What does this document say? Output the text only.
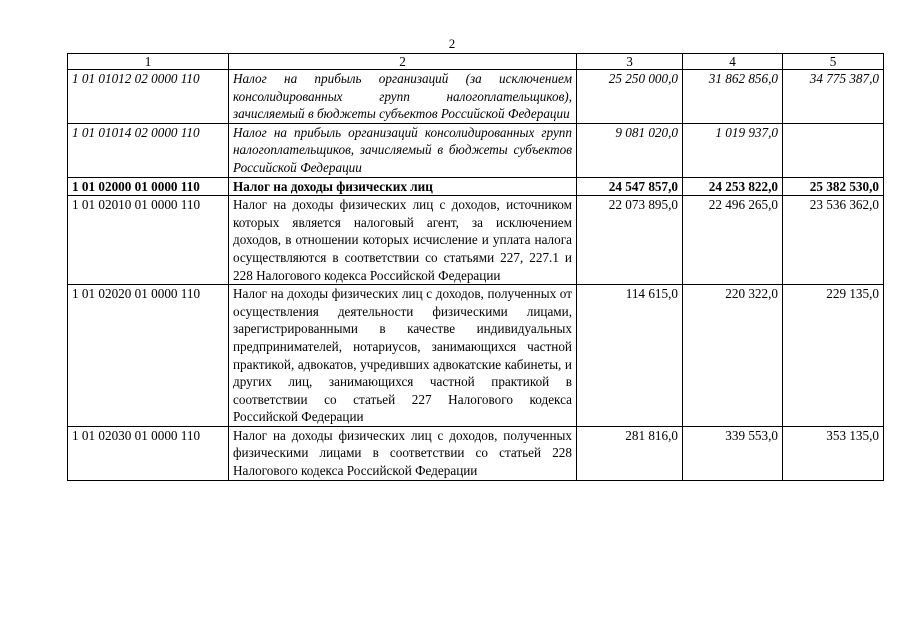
2
1	2	3	4	5
1 01 01012 02 0000 110	Налог на прибыль организаций (за исключением консолидированных групп налогоплательщиков), зачисляемый в бюджеты субъектов Российской Федерации	25 250 000,0	31 862 856,0	34 775 387,0
1 01 01014 02 0000 110	Налог на прибыль организаций консолидированных групп налогоплательщиков, зачисляемый в бюджеты субъектов Российской Федерации	9 081 020,0	1 019 937,0	
1 01 02000 01 0000 110	Налог на доходы физических лиц	24 547 857,0	24 253 822,0	25 382 530,0
1 01 02010 01 0000 110	Налог на доходы физических лиц с доходов, источником которых является налоговый агент, за исключением доходов, в отношении которых исчисление и уплата налога осуществляются в соответствии со статьями 227, 227.1 и 228 Налогового кодекса Российской Федерации	22 073 895,0	22 496 265,0	23 536 362,0
1 01 02020 01 0000 110	Налог на доходы физических лиц с доходов, полученных от осуществления деятельности физическими лицами, зарегистрированными в качестве индивидуальных предпринимателей, нотариусов, занимающихся частной практикой, адвокатов, учредивших адвокатские кабинеты, и других лиц, занимающихся частной практикой в соответствии со статьей 227 Налогового кодекса Российской Федерации	114 615,0	220 322,0	229 135,0
1 01 02030 01 0000 110	Налог на доходы физических лиц с доходов, полученных физическими лицами в соответствии со статьей 228 Налогового кодекса Российской Федерации	281 816,0	339 553,0	353 135,0
